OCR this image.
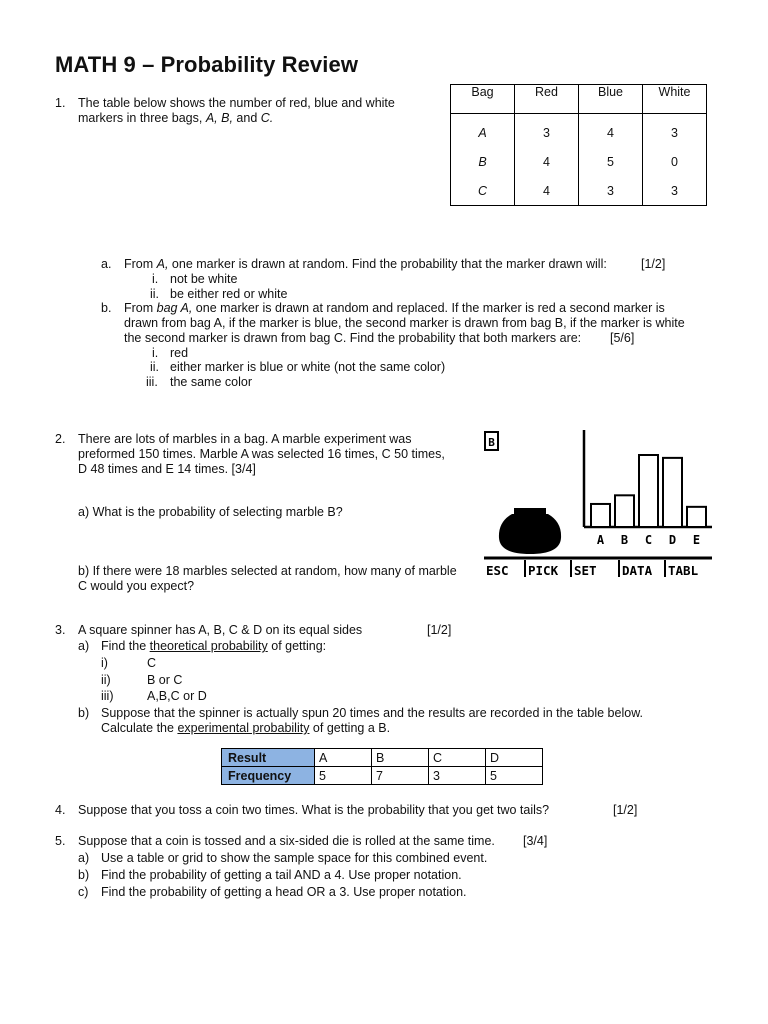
MATH 9 – Probability Review
1. The table below shows the number of red, blue and white
markers in three bags, A, B, and C.
Bag	Red	Blue	White
A	3	4	3
B	4	5	0
C	4	3	3
a. From A, one marker is drawn at random. Find the probability that the marker drawn will:	[1/2]
i. not be white
ii. be either red or white
b. From bag A, one marker is drawn at random and replaced. If the marker is red a second marker is
drawn from bag A, if the marker is blue, the second marker is drawn from bag B, if the marker is white
the second marker is drawn from bag C. Find the probability that both markers are: [5/6]
i. red
ii. either marker is blue or white (not the same color)
iii. the same color
2. There are lots of marbles in a bag. A marble experiment was
preformed 150 times. Marble A was selected 16 times, C 50 times,
D 48 times and E 14 times. [3/4]
a) What is the probability of selecting marble B?
b) If there were 18 marbles selected at random, how many of marble
C would you expect?
B
A B C D E
ESC PICK SET DATA TABL
3. A square spinner has A, B, C & D on its equal sides	[1/2]
a) Find the theoretical probability of getting:
i)	C
ii)	B or C
iii)	A,B,C or D
b) Suppose that the spinner is actually spun 20 times and the results are recorded in the table below.
Calculate the experimental probability of getting a B.
Result	A	B	C	D
Frequency	5	7	3	5
4. Suppose that you toss a coin two times. What is the probability that you get two tails?	[1/2]
5. Suppose that a coin is tossed and a six-sided die is rolled at the same time. [3/4]
a) Use a table or grid to show the sample space for this combined event.
b) Find the probability of getting a tail AND a 4. Use proper notation.
c) Find the probability of getting a head OR a 3. Use proper notation.
